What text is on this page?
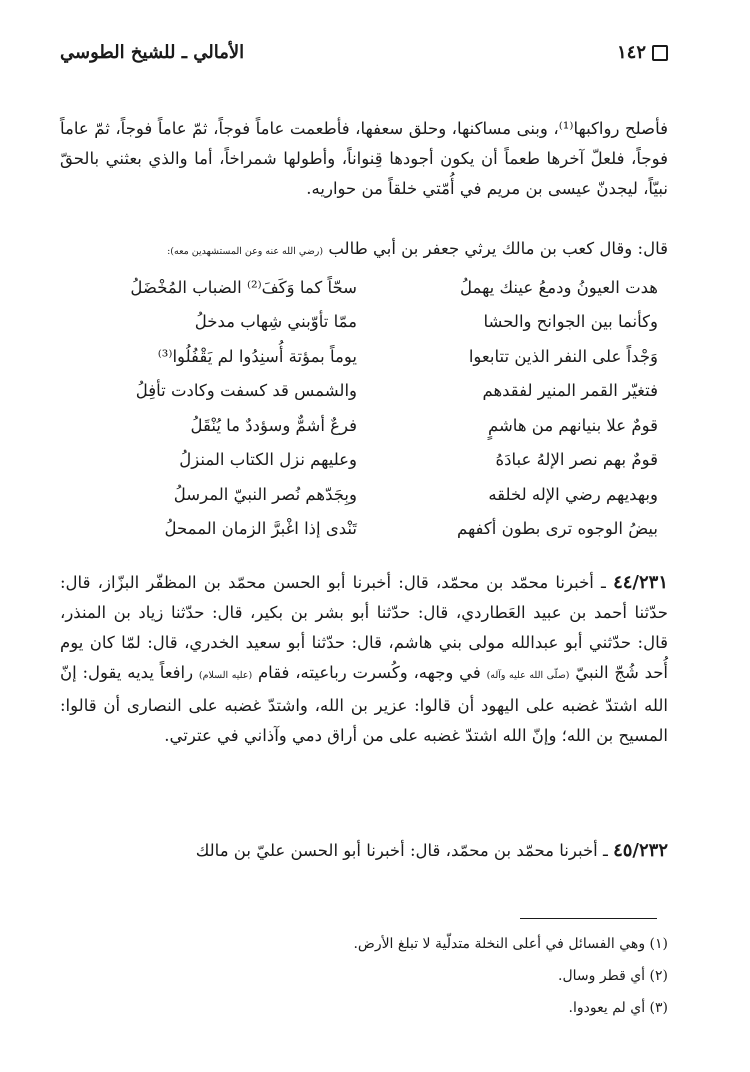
١٤٢
الأمالي ـ للشيخ الطوسي

فأصلح رواكبها⁽¹⁾، وبنى مساكنها، وحلق سعفها، فأطعمت عاماً فوجاً، ثمّ عاماً فوجاً، ثمّ عاماً فوجاً، فلعلّ آخرها طعماً أن يكون أجودها قِنواناً، وأطولها شمراخاً، أما والذي بعثني بالحقّ نبيّاً، ليجدنّ عيسى بن مريم في أُمّتي خلقاً من حواريه.

قال: وقال كعب بن مالك يرثي جعفر بن أبي طالب (رضي الله عنه وعن المستشهدين معه):
هدت العيونُ ودمعُ عينك يهملُ
سحّاً كما وَكَفَ⁽²⁾ الضباب المُخْضَلُ
وكأنما بين الجوانح والحشا
ممّا تأوّبني شِهاب مدخلُ
وَجْداً على النفر الذين تتابعوا
يوماً بمؤتة أُسنِدُوا لم يَقْفُلُوا⁽³⁾
فتغيّر القمر المنير لفقدهم
والشمس قد كسفت وكادت تأفِلُ
قومٌ علا بنيانهم من هاشمٍ
فرعٌ أشمٌّ وسؤددٌ ما يُنْقَلُ
قومٌ بهم نصر الإلهُ عبادَهُ
وعليهم نزل الكتاب المنزلُ
وبهديهم رضي الإله لخلقه
وبِجَدّهم نُصر النبيّ المرسلُ
بيضُ الوجوه ترى بطون أكفهم
تَنْدى إذا اغْبرَّ الزمان الممحلُ

٤٤/٢٣١ ـ أخبرنا محمّد بن محمّد، قال: أخبرنا أبو الحسن محمّد بن المظفّر البزّاز، قال: حدّثنا أحمد بن عبيد العَطاردي، قال: حدّثنا أبو بشر بن بكير، قال: حدّثنا زياد بن المنذر، قال: حدّثني أبو عبدالله مولى بني هاشم، قال: حدّثنا أبو سعيد الخدري، قال: لمّا كان يوم أُحد شُجّ النبيّ (صلّى الله عليه وآله) في وجهه، وكُسرت رباعيته، فقام (عليه السلام) رافعاً يديه يقول: إنّ الله اشتدّ غضبه على اليهود أن قالوا: عزير بن الله، واشتدّ غضبه على النصارى أن قالوا: المسيح بن الله؛ وإنّ الله اشتدّ غضبه على من أراق دمي وآذاني في عترتي.

٤٥/٢٣٢ ـ أخبرنا محمّد بن محمّد، قال: أخبرنا أبو الحسن عليّ بن مالك

(١) وهي الفسائل في أعلى النخلة متدلّية لا تبلغ الأرض.
(٢) أي قطر وسال.
(٣) أي لم يعودوا.
